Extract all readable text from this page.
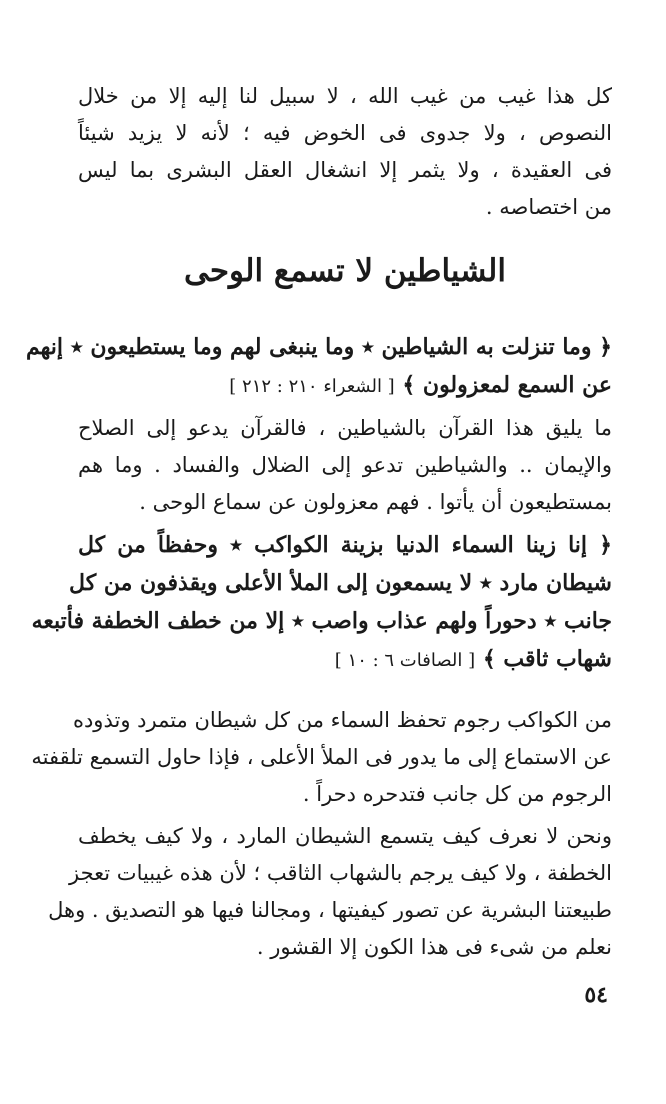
كل هذا غيب من غيب الله ، لا سبيل لنا إليه إلا من خلال
النصوص ، ولا جدوى فى الخوض فيه ؛ لأنه لا يزيد شيئاً
فى العقيدة ، ولا يثمر إلا انشغال العقل البشرى بما ليس
من اختصاصه .
الشياطين لا تسمع الوحى
﴿ وما تنزلت به الشياطين ٭ وما ينبغى لهم وما يستطيعون ٭ إنهم
عن السمع لمعزولون ﴾ [ الشعراء ٢١٠ : ٢١٢ ]
ما يليق هذا القرآن بالشياطين ، فالقرآن يدعو إلى الصلاح
والإيمان .. والشياطين تدعو إلى الضلال والفساد . وما هم
بمستطيعون أن يأتوا . فهم معزولون عن سماع الوحى .
﴿ إنا زينا السماء الدنيا بزينة الكواكب ٭ وحفظاً من كل
شيطان مارد ٭ لا يسمعون إلى الملأ الأعلى ويقذفون من كل
جانب ٭ دحوراً ولهم عذاب واصب ٭ إلا من خطف الخطفة فأتبعه
شهاب ثاقب ﴾ [ الصافات ٦ : ١٠ ]
من الكواكب رجوم تحفظ السماء من كل شيطان متمرد وتذوده
عن الاستماع إلى ما يدور فى الملأ الأعلى ، فإذا حاول التسمع تلقفته
الرجوم من كل جانب فتدحره دحراً .
ونحن لا نعرف كيف يتسمع الشيطان المارد ، ولا كيف يخطف
الخطفة ، ولا كيف يرجم بالشهاب الثاقب ؛ لأن هذه غيبيات تعجز
طبيعتنا البشرية عن تصور كيفيتها ، ومجالنا فيها هو التصديق . وهل
نعلم من شىء فى هذا الكون إلا القشور .
٥٤
